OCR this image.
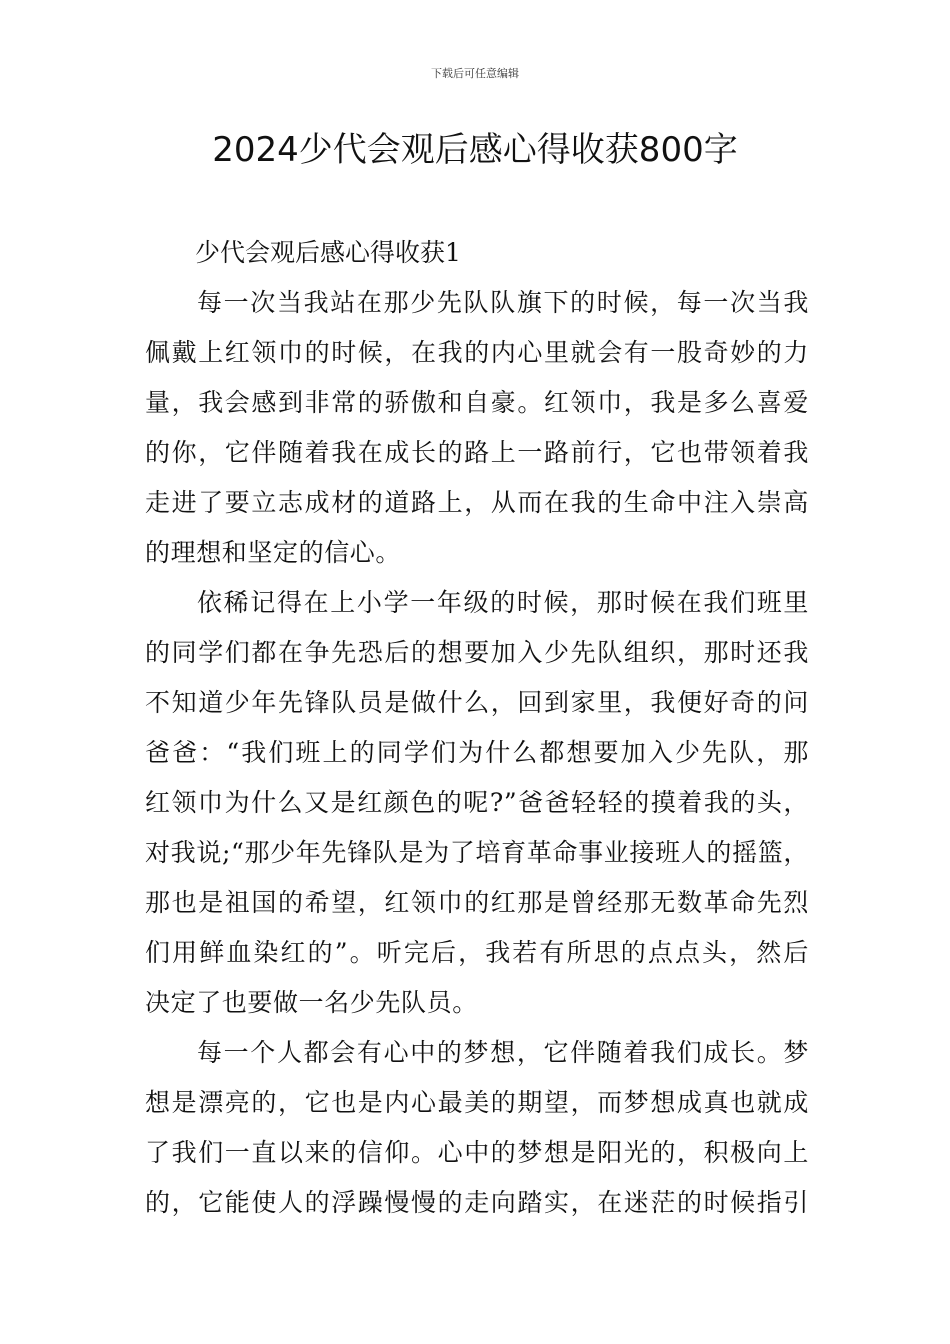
下载后可任意编辑
2024少代会观后感心得收获800字

少代会观后感心得收获1

每一次当我站在那少先队队旗下的时候，每一次当我
佩戴上红领巾的时候，在我的内心里就会有一股奇妙的力
量，我会感到非常的骄傲和自豪。红领巾，我是多么喜爱
的你，它伴随着我在成长的路上一路前行，它也带领着我
走进了要立志成材的道路上，从而在我的生命中注入崇高
的理想和坚定的信心。
依稀记得在上小学一年级的时候，那时候在我们班里
的同学们都在争先恐后的想要加入少先队组织，那时还我
不知道少年先锋队员是做什么，回到家里，我便好奇的问
爸爸：“我们班上的同学们为什么都想要加入少先队，那
红领巾为什么又是红颜色的呢?”爸爸轻轻的摸着我的头，
对我说;“那少年先锋队是为了培育革命事业接班人的摇篮，
那也是祖国的希望，红领巾的红那是曾经那无数革命先烈
们用鲜血染红的”。听完后，我若有所思的点点头，然后
决定了也要做一名少先队员。
每一个人都会有心中的梦想，它伴随着我们成长。梦
想是漂亮的，它也是内心最美的期望，而梦想成真也就成
了我们一直以来的信仰。心中的梦想是阳光的，积极向上
的，它能使人的浮躁慢慢的走向踏实，在迷茫的时候指引
